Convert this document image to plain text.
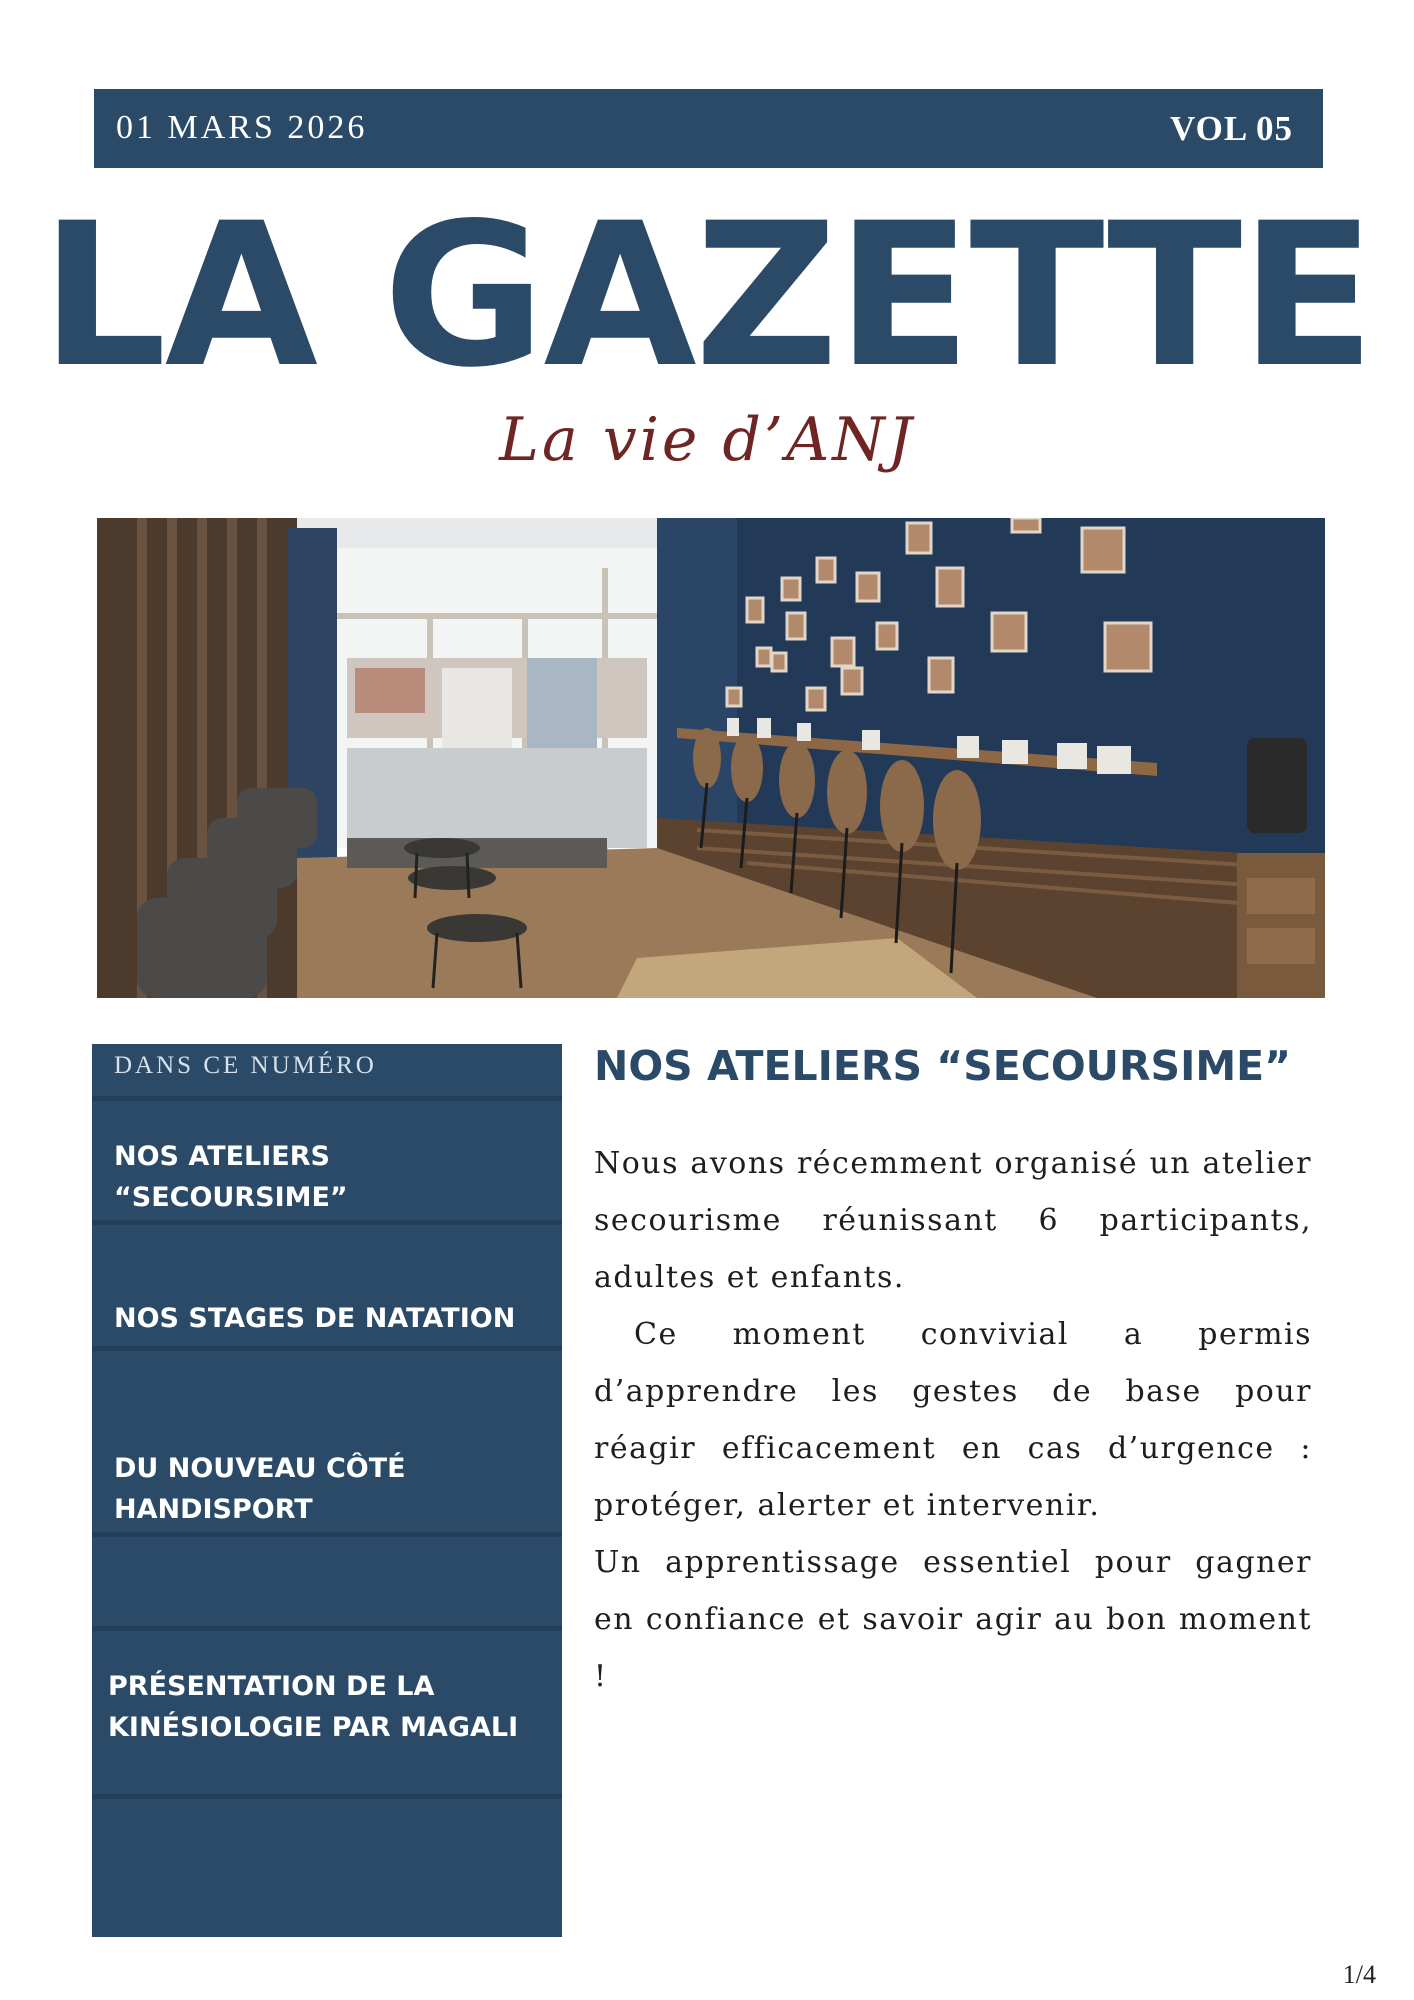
01 MARS 2026	VOL 05
LA GAZETTE
La vie d’ANJ
DANS CE NUMÉRO
NOS ATELIERS “SECOURSIME”
NOS STAGES DE NATATION
DU NOUVEAU CÔTÉ HANDISPORT
PRÉSENTATION DE LA KINÉSIOLOGIE PAR MAGALI
NOS ATELIERS “SECOURSIME”

Nous avons récemment organisé un atelier secourisme réunissant 6 participants, adultes et enfants.

Ce moment convivial a permis d’apprendre les gestes de base pour réagir efficacement en cas d’urgence : protéger, alerter et intervenir.

Un apprentissage essentiel pour gagner en confiance et savoir agir au bon moment !

1/4
